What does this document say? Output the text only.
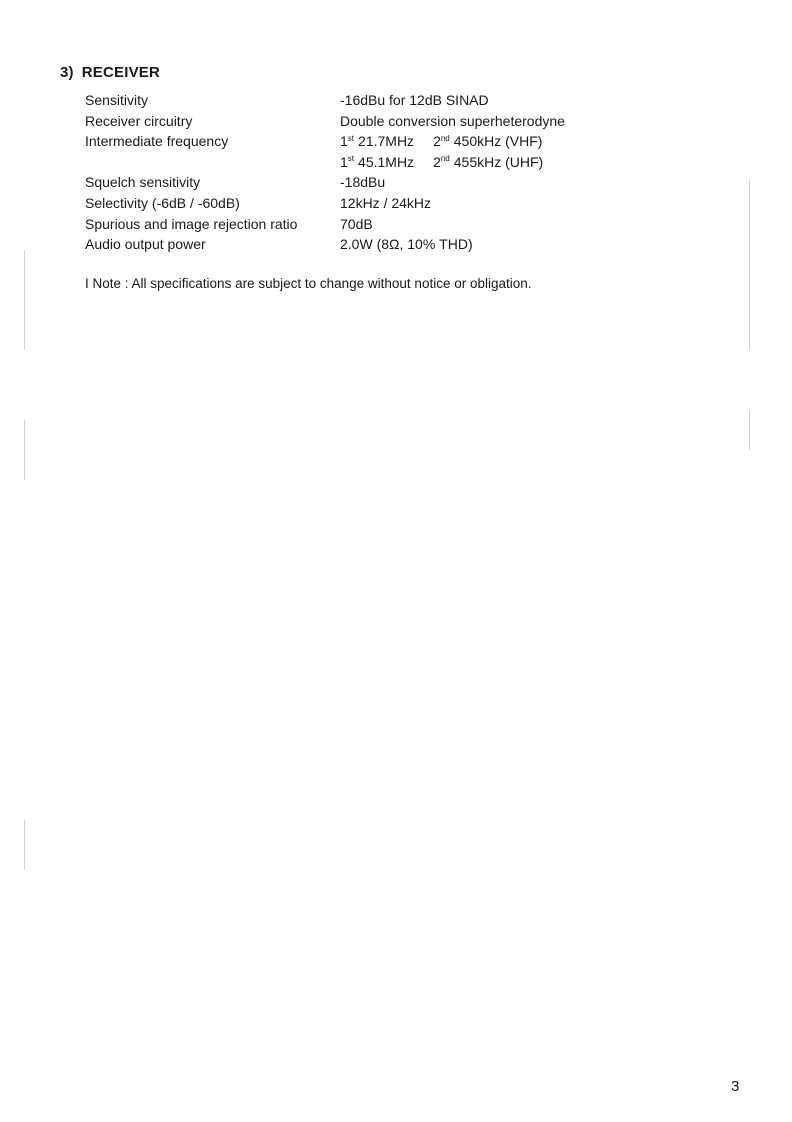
3) RECEIVER
Sensitivity	-16dBu for 12dB SINAD
Receiver circuitry	Double conversion superheterodyne
Intermediate frequency	1st 21.7MHz 2nd 450kHz (VHF)
1st 45.1MHz 2nd 455kHz (UHF)
Squelch sensitivity	-18dBu
Selectivity (-6dB / -60dB)	12kHz / 24kHz
Spurious and image rejection ratio	70dB
Audio output power	2.0W (8Ω, 10% THD)
I Note : All specifications are subject to change without notice or obligation.
3
